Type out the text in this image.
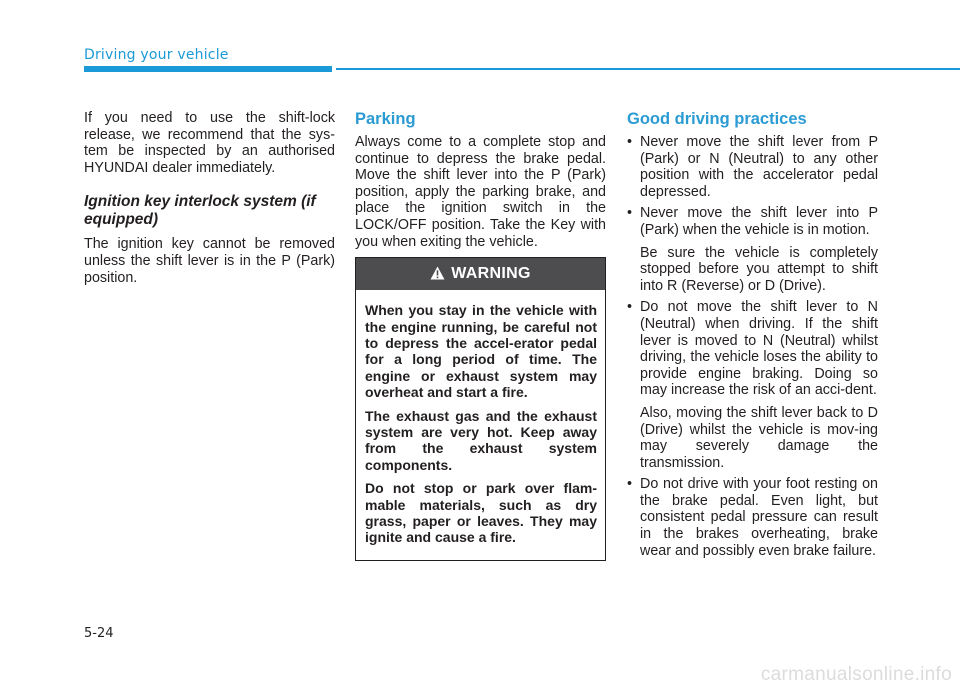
Driving your vehicle

If you need to use the shift-lock release, we recommend that the sys-tem be inspected by an authorised HYUNDAI dealer immediately.

Ignition key interlock system (if equipped)

The ignition key cannot be removed unless the shift lever is in the P (Park) position.

Parking

Always come to a complete stop and continue to depress the brake pedal. Move the shift lever into the P (Park) position, apply the parking brake, and place the ignition switch in the LOCK/OFF position. Take the Key with you when exiting the vehicle.

WARNING

When you stay in the vehicle with the engine running, be careful not to depress the accel-erator pedal for a long period of time. The engine or exhaust system may overheat and start a fire.

The exhaust gas and the exhaust system are very hot. Keep away from the exhaust system components.

Do not stop or park over flam-mable materials, such as dry grass, paper or leaves. They may ignite and cause a fire.

Good driving practices
• Never move the shift lever from P (Park) or N (Neutral) to any other position with the accelerator pedal depressed.

• Never move the shift lever into P (Park) when the vehicle is in motion.

Be sure the vehicle is completely stopped before you attempt to shift into R (Reverse) or D (Drive).

• Do not move the shift lever to N (Neutral) when driving. If the shift lever is moved to N (Neutral) whilst driving, the vehicle loses the ability to provide engine braking. Doing so may increase the risk of an acci-dent.

Also, moving the shift lever back to D (Drive) whilst the vehicle is mov-ing may severely damage the transmission.

• Do not drive with your foot resting on the brake pedal. Even light, but consistent pedal pressure can result in the brakes overheating, brake wear and possibly even brake failure.

5-24
carmanualsonline.info
